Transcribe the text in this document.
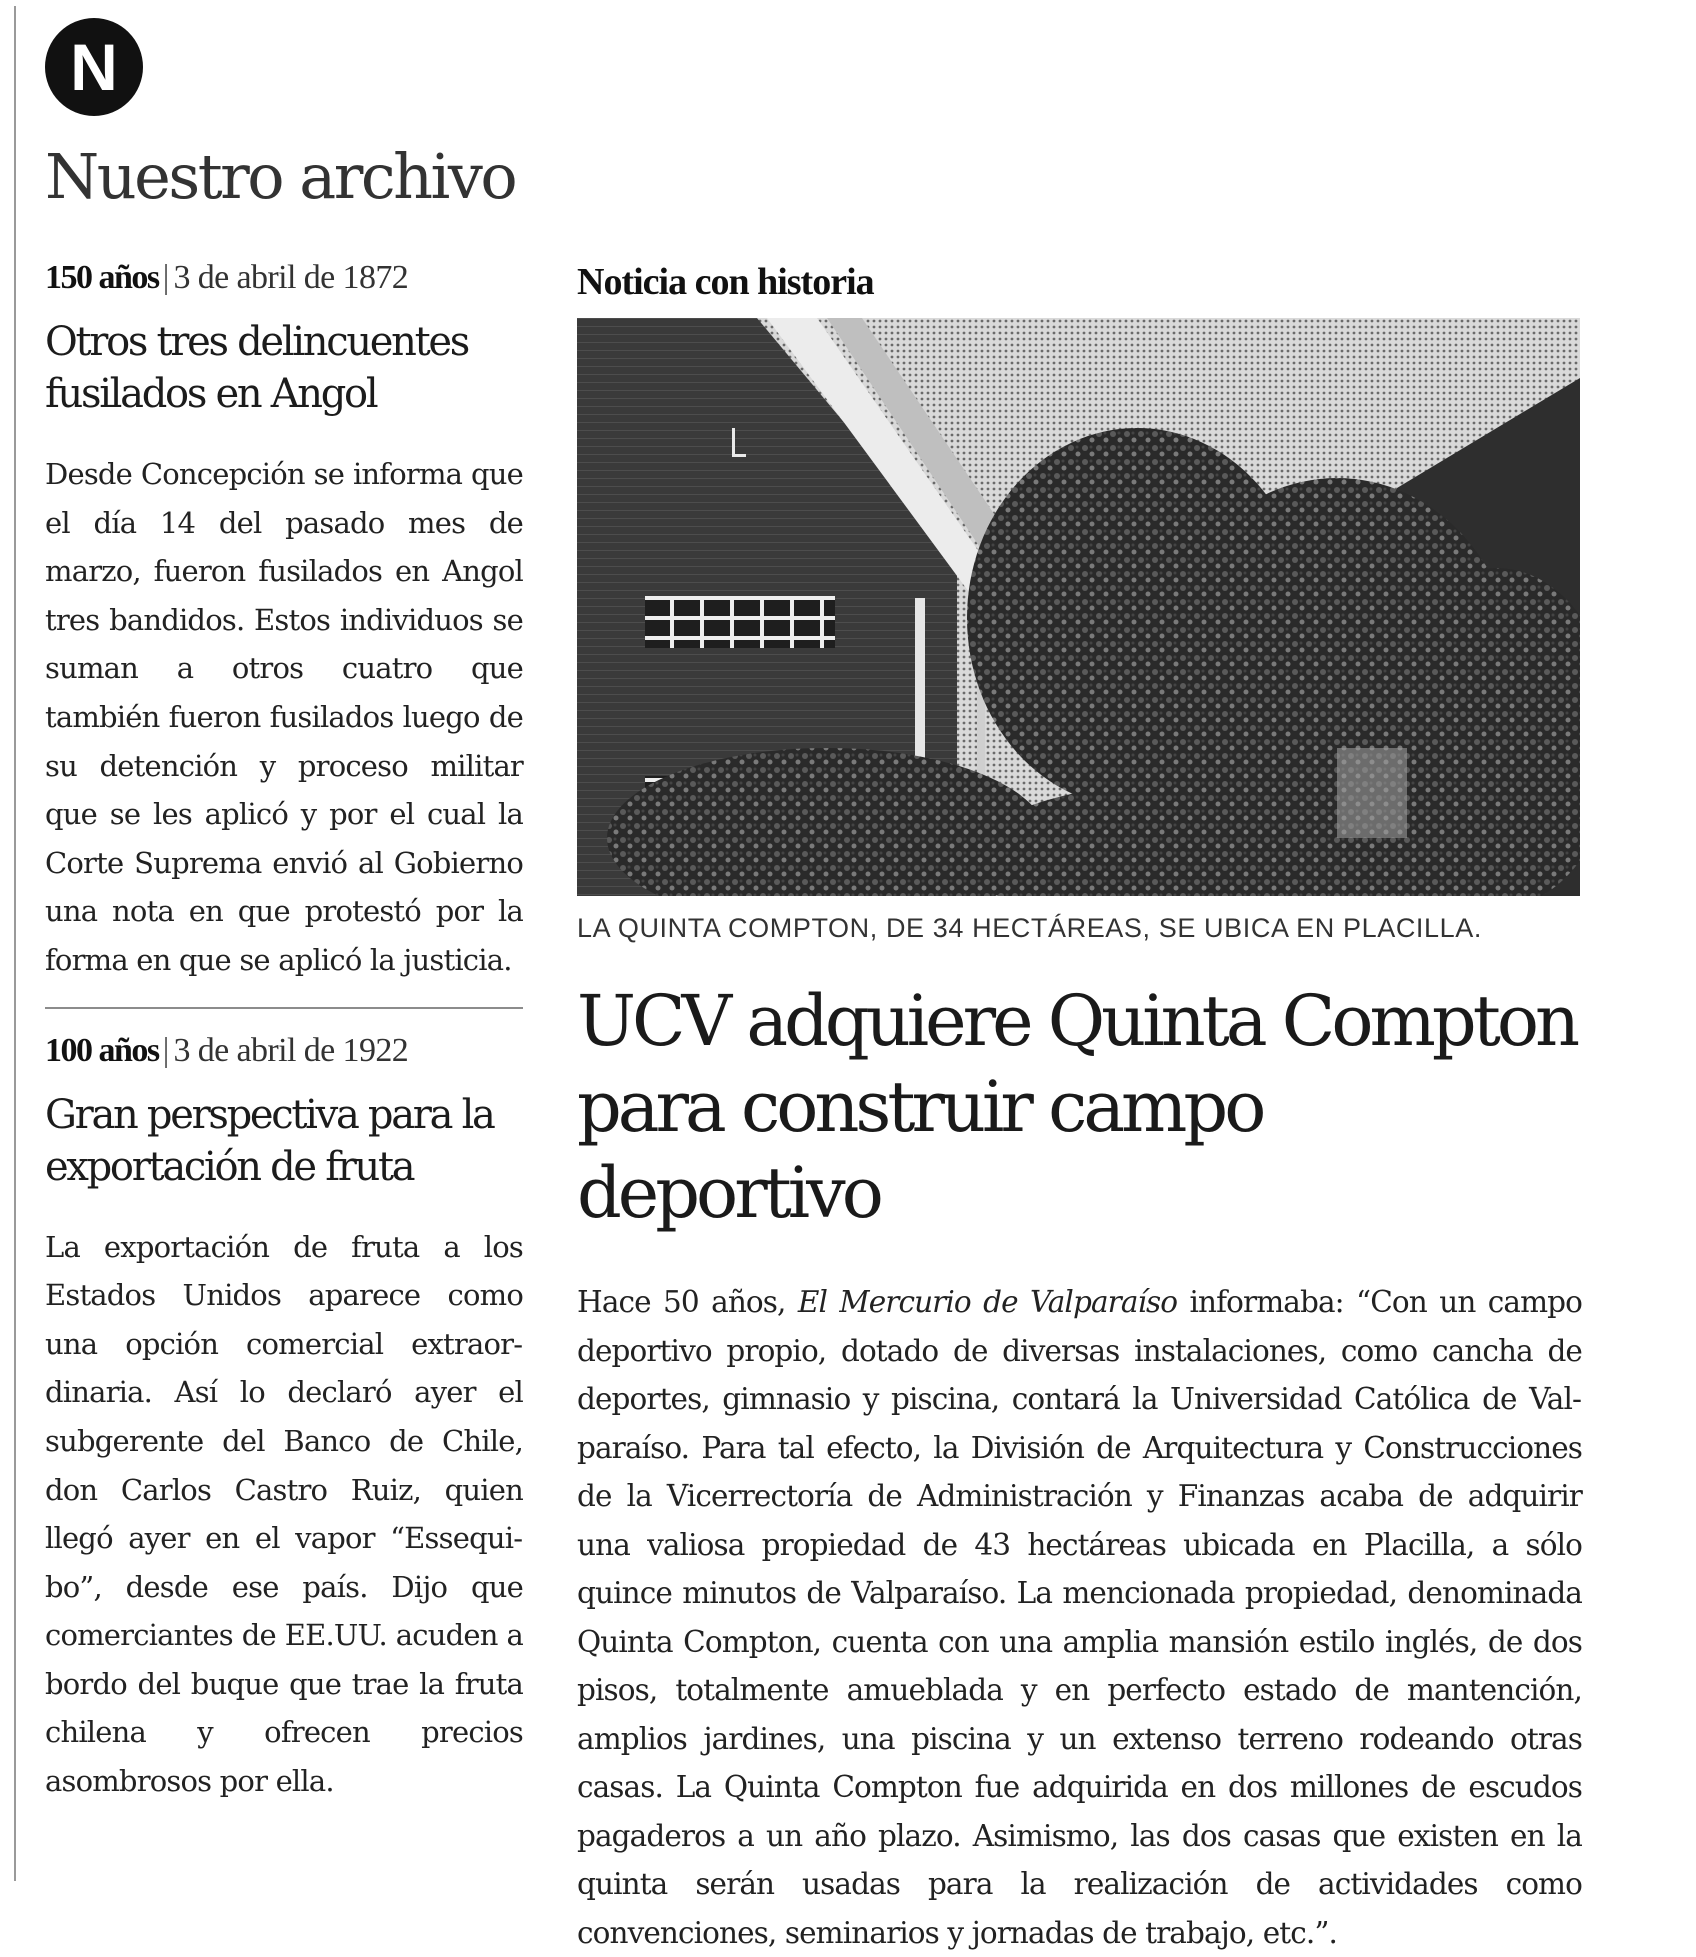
N
Nuestro archivo
150 años | 3 de abril de 1872
Otros tres delincuentes fusilados en Angol

Desde Concepción se informa que el día 14 del pasado mes de marzo, fueron fusilados en Angol tres bandidos. Estos individuos se suman a otros cuatro que también fueron fusilados luego de su detención y proceso militar que se les aplicó y por el cual la Corte Suprema envió al Gobierno una nota en que protestó por la forma en que se aplicó la justicia.

100 años | 3 de abril de 1922
Gran perspectiva para la exportación de fruta

La exportación de fruta a los Estados Unidos aparece como una opción comercial extraordinaria. Así lo declaró ayer el subgerente del Banco de Chile, don Carlos Castro Ruiz, quien llegó ayer en el vapor “Essequibo”, desde ese país. Dijo que comerciantes de EE.UU. acuden a bordo del buque que trae la fruta chilena y ofrecen precios asombrosos por ella.

Noticia con historia
LA QUINTA COMPTON, DE 34 HECTÁREAS, SE UBICA EN PLACILLA.
UCV adquiere Quinta Compton para construir campo deportivo

Hace 50 años, El Mercurio de Valparaíso informaba: “Con un campo deportivo propio, dotado de diversas instalaciones, como cancha de deportes, gimnasio y piscina, contará la Universidad Católica de Valparaíso. Para tal efecto, la División de Arquitectura y Construcciones de la Vicerrectoría de Administración y Finanzas acaba de adquirir una valiosa propiedad de 43 hectáreas ubicada en Placilla, a sólo quince minutos de Valparaíso. La mencionada propiedad, denominada Quinta Compton, cuenta con una amplia mansión estilo inglés, de dos pisos, totalmente amueblada y en perfecto estado de mantención, amplios jardines, una piscina y un extenso terreno rodeando otras casas. La Quinta Compton fue adquirida en dos millones de escudos pagaderos a un año plazo. Asimismo, las dos casas que existen en la quinta serán usadas para la realización de actividades como convenciones, seminarios y jornadas de trabajo, etc.”.
